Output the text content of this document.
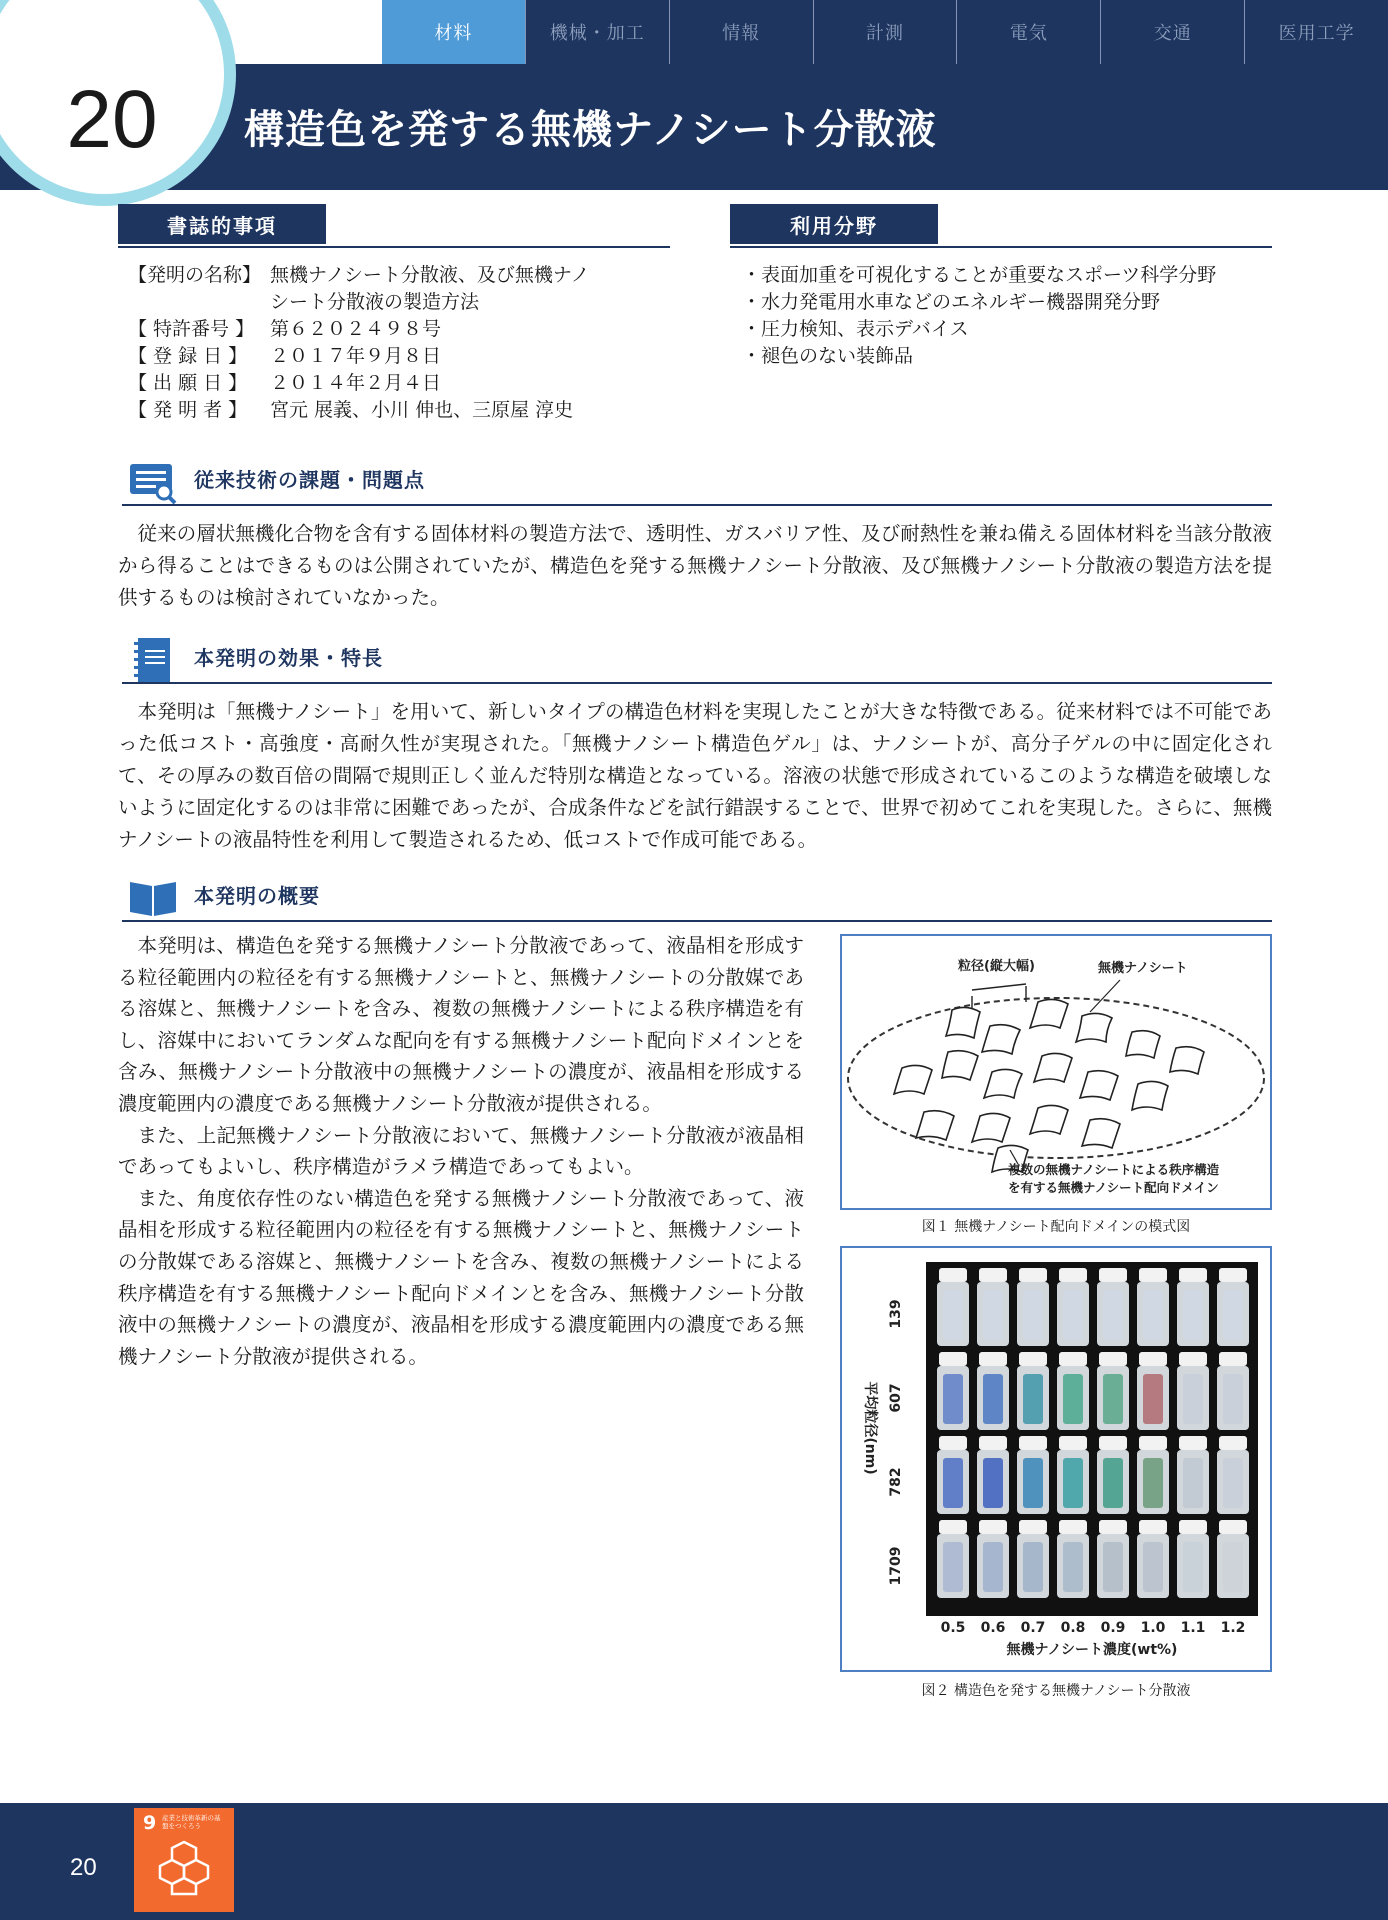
材料	機械・加工	情報	計測	電気	交通	医用工学
20 構造色を発する無機ナノシート分散液
書誌的事項
【発明の名称】 無機ナノシート分散液、及び無機ナノ
シート分散液の製造方法
【 特許番号 】 第６２０２４９８号
【 登 録 日 】	２０１７年９月８日
【 出 願 日 】	２０１４年２月４日
【 発 明 者 】	宮元 展義、小川 伸也、三原屋 淳史
利用分野
・表面加重を可視化することが重要なスポーツ科学分野
・水力発電用水車などのエネルギー機器開発分野
・圧力検知、表示デバイス
・褪色のない装飾品
従来技術の課題・問題点

従来の層状無機化合物を含有する固体材料の製造方法で、透明性、ガスバリア性、及び耐熱性を兼ね備える固体材料を当該分散液から得ることはできるものは公開されていたが、構造色を発する無機ナノシート分散液、及び無機ナノシート分散液の製造方法を提供するものは検討されていなかった。

本発明の効果・特長

本発明は「無機ナノシート」を用いて、新しいタイプの構造色材料を実現したことが大きな特徴である。従来材料では不可能であった低コスト・高強度・高耐久性が実現された。「無機ナノシート構造色ゲル」は、ナノシートが、高分子ゲルの中に固定化されて、その厚みの数百倍の間隔で規則正しく並んだ特別な構造となっている。溶液の状態で形成されているこのような構造を破壊しないように固定化するのは非常に困難であったが、合成条件などを試行錯誤することで、世界で初めてこれを実現した。さらに、無機ナノシートの液晶特性を利用して製造されるため、低コストで作成可能である。

本発明の概要

本発明は、構造色を発する無機ナノシート分散液であって、液晶相を形成する粒径範囲内の粒径を有する無機ナノシートと、無機ナノシートの分散媒である溶媒と、無機ナノシートを含み、複数の無機ナノシートによる秩序構造を有し、溶媒中においてランダムな配向を有する無機ナノシート配向ドメインとを含み、無機ナノシート分散液中の無機ナノシートの濃度が、液晶相を形成する濃度範囲内の濃度である無機ナノシート分散液が提供される。

また、上記無機ナノシート分散液において、無機ナノシート分散液が液晶相であってもよいし、秩序構造がラメラ構造であってもよい。

また、角度依存性のない構造色を発する無機ナノシート分散液であって、液晶相を形成する粒径範囲内の粒径を有する無機ナノシートと、無機ナノシートの分散媒である溶媒と、無機ナノシートを含み、複数の無機ナノシートによる秩序構造を有する無機ナノシート配向ドメインとを含み、無機ナノシート分散液中の無機ナノシートの濃度が、液晶相を形成する濃度範囲内の濃度である無機ナノシート分散液が提供される。

粒径(縦大幅)	無機ナノシート
複数の無機ナノシートによる秩序構造
を有する無機ナノシート配向ドメイン
図１ 無機ナノシート配向ドメインの模式図
平均粒径(nm)
139
607
782
1709
0.5 0.6 0.7 0.8 0.9 1.0 1.1 1.2
無機ナノシート濃度(wt%)
図２ 構造色を発する無機ナノシート分散液
20
9 産業と技術革新の基盤をつくろう
